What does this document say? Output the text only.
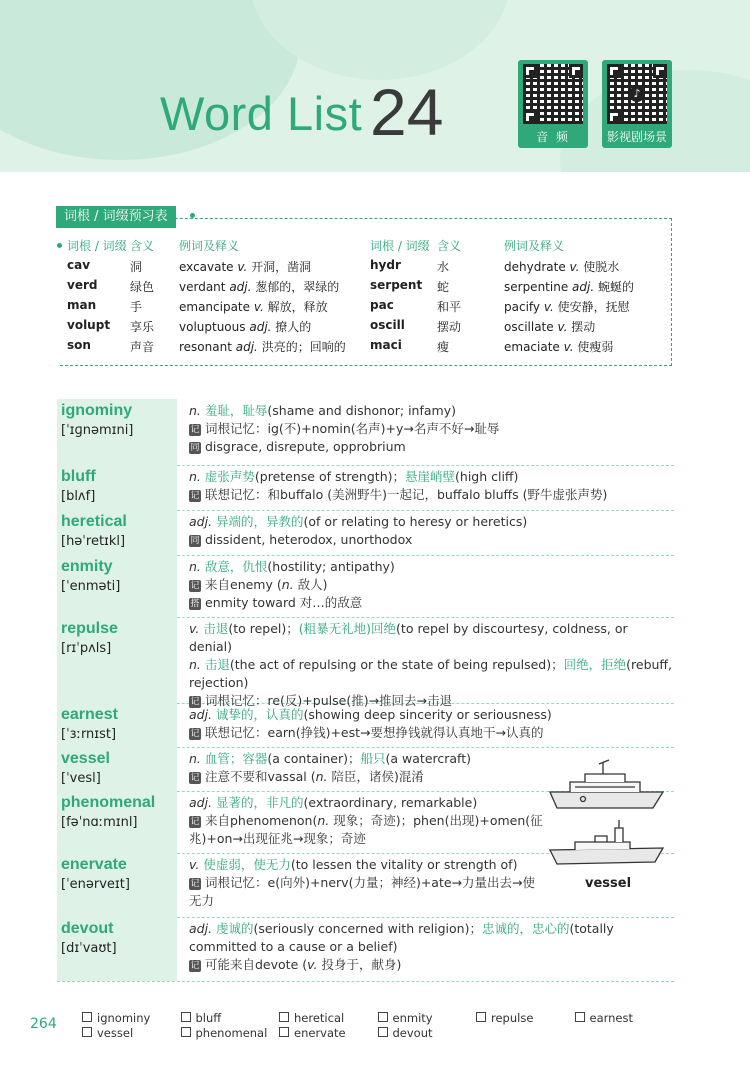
Word List 24	音 频
♪
影视剧场景
词根 / 词缀预习表
词根 / 词缀 含义 例词及释义
cav	洞	excavate v. 开洞，凿洞
verd	绿色 verdant adj. 葱郁的，翠绿的
man	手	emancipate v. 解放，释放
volupt 享乐 voluptuous adj. 撩人的
son	声音 resonant adj. 洪亮的；回响的
词根 / 词缀 含义	例词及释义
hydr	水	dehydrate v. 使脱水
serpent 蛇	serpentine adj. 蜿蜒的
pac	和平	pacify v. 使安静，抚慰
oscill	摆动	oscillate v. 摆动
maci	瘦	emaciate v. 使瘦弱
ignominy
[ˈɪɡnəmɪni]
n. 羞耻，耻辱(shame and dishonor; infamy)
记 词根记忆：ig(不)+nomin(名声)+y→名声不好→耻辱
同 disgrace, disrepute, opprobrium
bluff
[blʌf]
n. 虚张声势(pretense of strength)；悬崖峭壁(high cliff)
记 联想记忆：和buffalo (美洲野牛)一起记，buffalo bluffs (野牛虚张声势)
heretical
[həˈretɪkl]
adj. 异端的，异教的(of or relating to heresy or heretics)
同 dissident, heterodox, unorthodox
enmity
[ˈenməti]
n. 敌意，仇恨(hostility; antipathy)
记 来自enemy (n. 敌人)
搭 enmity toward 对…的敌意
repulse
[rɪˈpʌls]
v. 击退(to repel)；(粗暴无礼地)回绝(to repel by discourtesy, coldness, or denial)
n. 击退(the act of repulsing or the state of being repulsed)；回绝，拒绝(rebuff, rejection)
记 词根记忆：re(反)+pulse(推)→推回去→击退
earnest
[ˈɜːrnɪst]
adj. 诚挚的，认真的(showing deep sincerity or seriousness)
记 联想记忆：earn(挣钱)+est→要想挣钱就得认真地干→认真的
vessel
[ˈvesl]
n. 血管；容器(a container)；船只(a watercraft)
记 注意不要和vassal (n. 陪臣，诸侯)混淆
phenomenal
[fəˈnɑːmɪnl]
adj. 显著的，非凡的(extraordinary, remarkable)
记 来自phenomenon(n. 现象；奇迹)；phen(出现)+omen(征兆)+on→出现征兆→现象；奇迹
enervate
[ˈenərveɪt]
v. 使虚弱，使无力(to lessen the vitality or strength of)
记 词根记忆：e(向外)+nerv(力量；神经)+ate→力量出去→使无力
devout
[dɪˈvaʊt]
adj. 虔诚的(seriously concerned with religion)；忠诚的，忠心的(totally committed to a cause or a belief)
记 可能来自devote (v. 投身于，献身)
vessel
264	ignominy	bluff	heretical	enmity	repulse	earnest
vessel	phenomenal	enervate	devout
